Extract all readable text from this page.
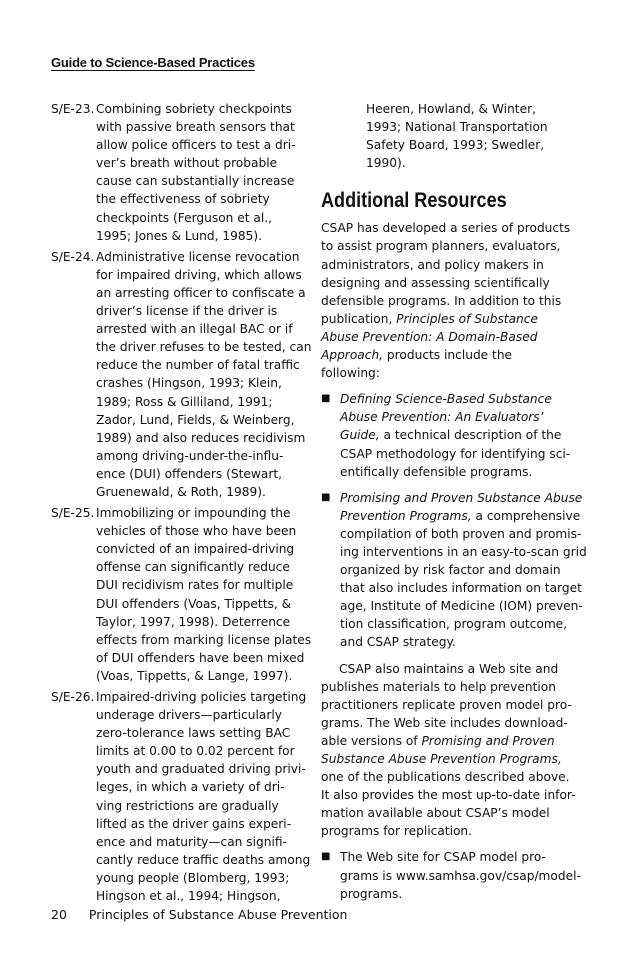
Guide to Science-Based Practices
S/E-23. Combining sobriety checkpoints
with passive breath sensors that
allow police officers to test a dri-
ver’s breath without probable
cause can substantially increase
the effectiveness of sobriety
checkpoints (Ferguson et al.,
1995; Jones & Lund, 1985).
S/E-24. Administrative license revocation
for impaired driving, which allows
an arresting officer to confiscate a
driver’s license if the driver is
arrested with an illegal BAC or if
the driver refuses to be tested, can
reduce the number of fatal traffic
crashes (Hingson, 1993; Klein,
1989; Ross & Gilliland, 1991;
Zador, Lund, Fields, & Weinberg,
1989) and also reduces recidivism
among driving-under-the-influ-
ence (DUI) offenders (Stewart,
Gruenewald, & Roth, 1989).
S/E-25. Immobilizing or impounding the
vehicles of those who have been
convicted of an impaired-driving
offense can significantly reduce
DUI recidivism rates for multiple
DUI offenders (Voas, Tippetts, &
Taylor, 1997, 1998). Deterrence
effects from marking license plates
of DUI offenders have been mixed
(Voas, Tippetts, & Lange, 1997).
S/E-26. Impaired-driving policies targeting
underage drivers—particularly
zero-tolerance laws setting BAC
limits at 0.00 to 0.02 percent for
youth and graduated driving privi-
leges, in which a variety of dri-
ving restrictions are gradually
lifted as the driver gains experi-
ence and maturity—can signifi-
cantly reduce traffic deaths among
young people (Blomberg, 1993;
Hingson et al., 1994; Hingson,
Heeren, Howland, & Winter,
1993; National Transportation
Safety Board, 1993; Swedler,
1990).
Additional Resources
CSAP has developed a series of products
to assist program planners, evaluators,
administrators, and policy makers in
designing and assessing scientifically
defensible programs. In addition to this
publication, Principles of Substance
Abuse Prevention: A Domain-Based
Approach, products include the
following:
■ Defining Science-Based Substance
Abuse Prevention: An Evaluators’
Guide, a technical description of the
CSAP methodology for identifying sci-
entifically defensible programs.
■ Promising and Proven Substance Abuse
Prevention Programs, a comprehensive
compilation of both proven and promis-
ing interventions in an easy-to-scan grid
organized by risk factor and domain
that also includes information on target
age, Institute of Medicine (IOM) preven-
tion classification, program outcome,
and CSAP strategy.
CSAP also maintains a Web site and
publishes materials to help prevention
practitioners replicate proven model pro-
grams. The Web site includes download-
able versions of Promising and Proven
Substance Abuse Prevention Programs,
one of the publications described above.
It also provides the most up-to-date infor-
mation available about CSAP’s model
programs for replication.
■ The Web site for CSAP model pro-
grams is www.samhsa.gov/csap/model-
programs.
20 Principles of Substance Abuse Prevention
